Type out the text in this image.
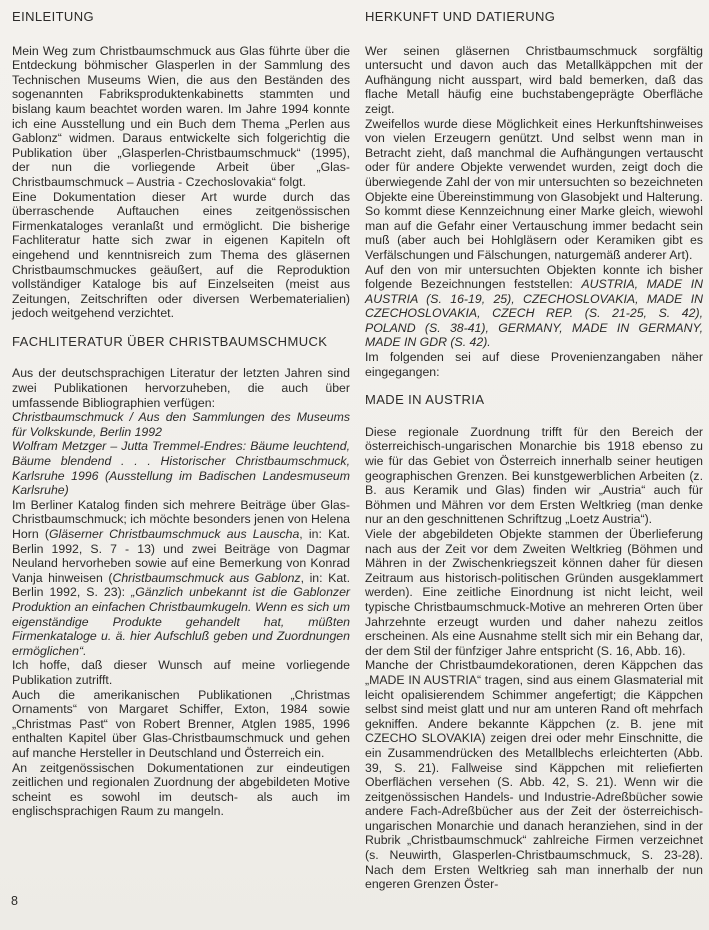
EINLEITUNG

Mein Weg zum Christbaumschmuck aus Glas führte über die Entdeckung böhmischer Glasperlen in der Sammlung des Technischen Museums Wien, die aus den Beständen des sogenannten Fabriksproduktenkabinetts stammten und bislang kaum beachtet worden waren. Im Jahre 1994 konnte ich eine Ausstellung und ein Buch dem Thema „Perlen aus Gablonz“ widmen. Daraus entwickelte sich folgerichtig die Publikation über „Glasperlen-Christbaumschmuck“ (1995), der nun die vorliegende Arbeit über „Glas-Christbaumschmuck – Austria - Czechoslovakia“ folgt.

Eine Dokumentation dieser Art wurde durch das überraschende Auftauchen eines zeitgenössischen Firmenkataloges veranlaßt und ermöglicht. Die bisherige Fachliteratur hatte sich zwar in eigenen Kapiteln oft eingehend und kenntnisreich zum Thema des gläsernen Christbaumschmuckes geäußert, auf die Reproduktion vollständiger Kataloge bis auf Einzelseiten (meist aus Zeitungen, Zeitschriften oder diversen Werbematerialien) jedoch weitgehend verzichtet.

FACHLITERATUR ÜBER CHRISTBAUMSCHMUCK

Aus der deutschsprachigen Literatur der letzten Jahren sind zwei Publikationen hervorzuheben, die auch über umfassende Bibliographien verfügen:

Christbaumschmuck / Aus den Sammlungen des Museums für Volkskunde, Berlin 1992

Wolfram Metzger – Jutta Tremmel-Endres: Bäume leuchtend, Bäume blendend . . . Historischer Christbaumschmuck, Karlsruhe 1996 (Ausstellung im Badischen Landesmuseum Karlsruhe)

Im Berliner Katalog finden sich mehrere Beiträge über Glas-Christbaumschmuck; ich möchte besonders jenen von Helena Horn (Gläserner Christbaumschmuck aus Lauscha, in: Kat. Berlin 1992, S. 7 - 13) und zwei Beiträge von Dagmar Neuland hervorheben sowie auf eine Bemerkung von Konrad Vanja hinweisen (Christbaumschmuck aus Gablonz, in: Kat. Berlin 1992, S. 23): „Gänzlich unbekannt ist die Gablonzer Produktion an einfachen Christbaumkugeln. Wenn es sich um eigenständige Produkte gehandelt hat, müßten Firmenkataloge u. ä. hier Aufschluß geben und Zuordnungen ermöglichen“.

Ich hoffe, daß dieser Wunsch auf meine vorliegende Publikation zutrifft.

Auch die amerikanischen Publikationen „Christmas Ornaments“ von Margaret Schiffer, Exton, 1984 sowie „Christmas Past“ von Robert Brenner, Atglen 1985, 1996 enthalten Kapitel über Glas-Christbaumschmuck und gehen auf manche Hersteller in Deutschland und Österreich ein.

An zeitgenössischen Dokumentationen zur eindeutigen zeitlichen und regionalen Zuordnung der abgebildeten Motive scheint es sowohl im deutsch- als auch im englischsprachigen Raum zu mangeln.

HERKUNFT UND DATIERUNG

Wer seinen gläsernen Christbaumschmuck sorgfältig untersucht und davon auch das Metallkäppchen mit der Aufhängung nicht ausspart, wird bald bemerken, daß das flache Metall häufig eine buchstabengeprägte Oberfläche zeigt.

Zweifellos wurde diese Möglichkeit eines Herkunftshinweises von vielen Erzeugern genützt. Und selbst wenn man in Betracht zieht, daß manchmal die Aufhängungen vertauscht oder für andere Objekte verwendet wurden, zeigt doch die überwiegende Zahl der von mir untersuchten so bezeichneten Objekte eine Übereinstimmung von Glasobjekt und Halterung. So kommt diese Kennzeichnung einer Marke gleich, wiewohl man auf die Gefahr einer Vertauschung immer bedacht sein muß (aber auch bei Hohlgläsern oder Keramiken gibt es Verfälschungen und Fälschungen, naturgemäß anderer Art).

Auf den von mir untersuchten Objekten konnte ich bisher folgende Bezeichnungen feststellen: AUSTRIA, MADE IN AUSTRIA (S. 16-19, 25), CZECHOSLOVAKIA, MADE IN CZECHOSLOVAKIA, CZECH REP. (S. 21-25, S. 42), POLAND (S. 38-41), GERMANY, MADE IN GERMANY, MADE IN GDR (S. 42).

Im folgenden sei auf diese Provenienzangaben näher eingegangen:

MADE IN AUSTRIA

Diese regionale Zuordnung trifft für den Bereich der österreichisch-ungarischen Monarchie bis 1918 ebenso zu wie für das Gebiet von Österreich innerhalb seiner heutigen geographischen Grenzen. Bei kunstgewerblichen Arbeiten (z. B. aus Keramik und Glas) finden wir „Austria“ auch für Böhmen und Mähren vor dem Ersten Weltkrieg (man denke nur an den geschnittenen Schriftzug „Loetz Austria“).

Viele der abgebildeten Objekte stammen der Überlieferung nach aus der Zeit vor dem Zweiten Weltkrieg (Böhmen und Mähren in der Zwischenkriegszeit können daher für diesen Zeitraum aus historisch-politischen Gründen ausgeklammert werden). Eine zeitliche Einordnung ist nicht leicht, weil typische Christbaumschmuck-Motive an mehreren Orten über Jahrzehnte erzeugt wurden und daher nahezu zeitlos erscheinen. Als eine Ausnahme stellt sich mir ein Behang dar, der dem Stil der fünfziger Jahre entspricht (S. 16, Abb. 16).

Manche der Christbaumdekorationen, deren Käppchen das „MADE IN AUSTRIA“ tragen, sind aus einem Glasmaterial mit leicht opalisierendem Schimmer angefertigt; die Käppchen selbst sind meist glatt und nur am unteren Rand oft mehrfach gekniffen. Andere bekannte Käppchen (z. B. jene mit CZECHO SLOVAKIA) zeigen drei oder mehr Einschnitte, die ein Zusammendrücken des Metallblechs erleichterten (Abb. 39, S. 21). Fallweise sind Käppchen mit reliefierten Oberflächen versehen (S. Abb. 42, S. 21). Wenn wir die zeitgenössischen Handels- und Industrie-Adreßbücher sowie andere Fach-Adreßbücher aus der Zeit der österreichisch-ungarischen Monarchie und danach heranziehen, sind in der Rubrik „Christbaumschmuck“ zahlreiche Firmen verzeichnet (s. Neuwirth, Glasperlen-Christbaumschmuck, S. 23-28). Nach dem Ersten Weltkrieg sah man innerhalb der nun engeren Grenzen Öster-

8
